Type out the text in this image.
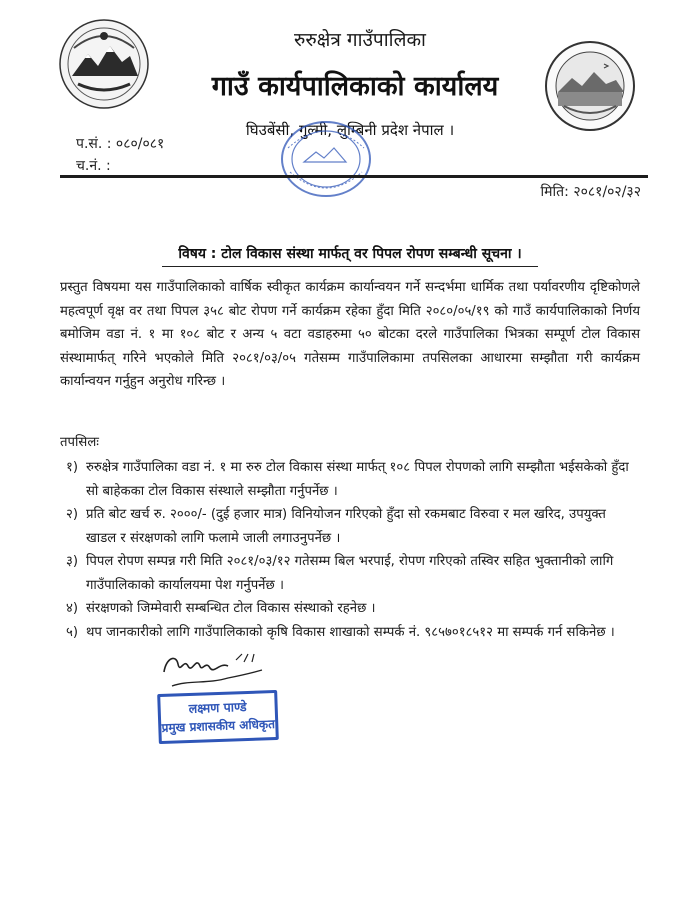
रुरुक्षेत्र गाउँपालिका
गाउँ कार्यपालिकाको कार्यालय
घिउबेंसी, गुल्मी, लुम्बिनी प्रदेश नेपाल ।
प.सं. : ०८०/०८१
च.नं. :
मिति: २०८१/०२/३२
विषय : टोल विकास संस्था मार्फत् वर पिपल रोपण सम्बन्धी सूचना ।
प्रस्तुत विषयमा यस गाउँपालिकाको वार्षिक स्वीकृत कार्यक्रम कार्यान्वयन गर्ने सन्दर्भमा धार्मिक तथा पर्यावरणीय दृष्टिकोणले महत्वपूर्ण वृक्ष वर तथा पिपल ३५८ बोट रोपण गर्ने कार्यक्रम रहेका हुँदा मिति २०८०/०५/१९ को गाउँ कार्यपालिकाको निर्णय बमोजिम वडा नं. १ मा १०८ बोट र अन्य ५ वटा वडाहरुमा ५० बोटका दरले गाउँपालिका भित्रका सम्पूर्ण टोल विकास संस्थामार्फत् गरिने भएकोले मिति २०८१/०३/०५ गतेसम्म गाउँपालिकामा तपसिलका आधारमा सम्झौता गरी कार्यक्रम कार्यान्वयन गर्नुहुन अनुरोध गरिन्छ ।
तपसिलः
१) रुरुक्षेत्र गाउँपालिका वडा नं. १ मा रुरु टोल विकास संस्था मार्फत् १०८ पिपल रोपणको लागि सम्झौता भईसकेको हुँदा सो बाहेकका टोल विकास संस्थाले सम्झौता गर्नुपर्नेछ ।
२) प्रति बोट खर्च रु. २०००/- (दुई हजार मात्र) विनियोजन गरिएको हुँदा सो रकमबाट विरुवा र मल खरिद, उपयुक्त खाडल र संरक्षणको लागि फलामे जाली लगाउनुपर्नेछ ।
३) पिपल रोपण सम्पन्न गरी मिति २०८१/०३/१२ गतेसम्म बिल भरपाई, रोपण गरिएको तस्विर सहित भुक्तानीको लागि गाउँपालिकाको कार्यालयमा पेश गर्नुपर्नेछ ।
४) संरक्षणको जिम्मेवारी सम्बन्धित टोल विकास संस्थाको रहनेछ ।
५) थप जानकारीको लागि गाउँपालिकाको कृषि विकास शाखाको सम्पर्क नं. ९८५७०१८५१२ मा सम्पर्क गर्न सकिनेछ ।
लक्ष्मण पाण्डे
प्रमुख प्रशासकीय अधिकृत
